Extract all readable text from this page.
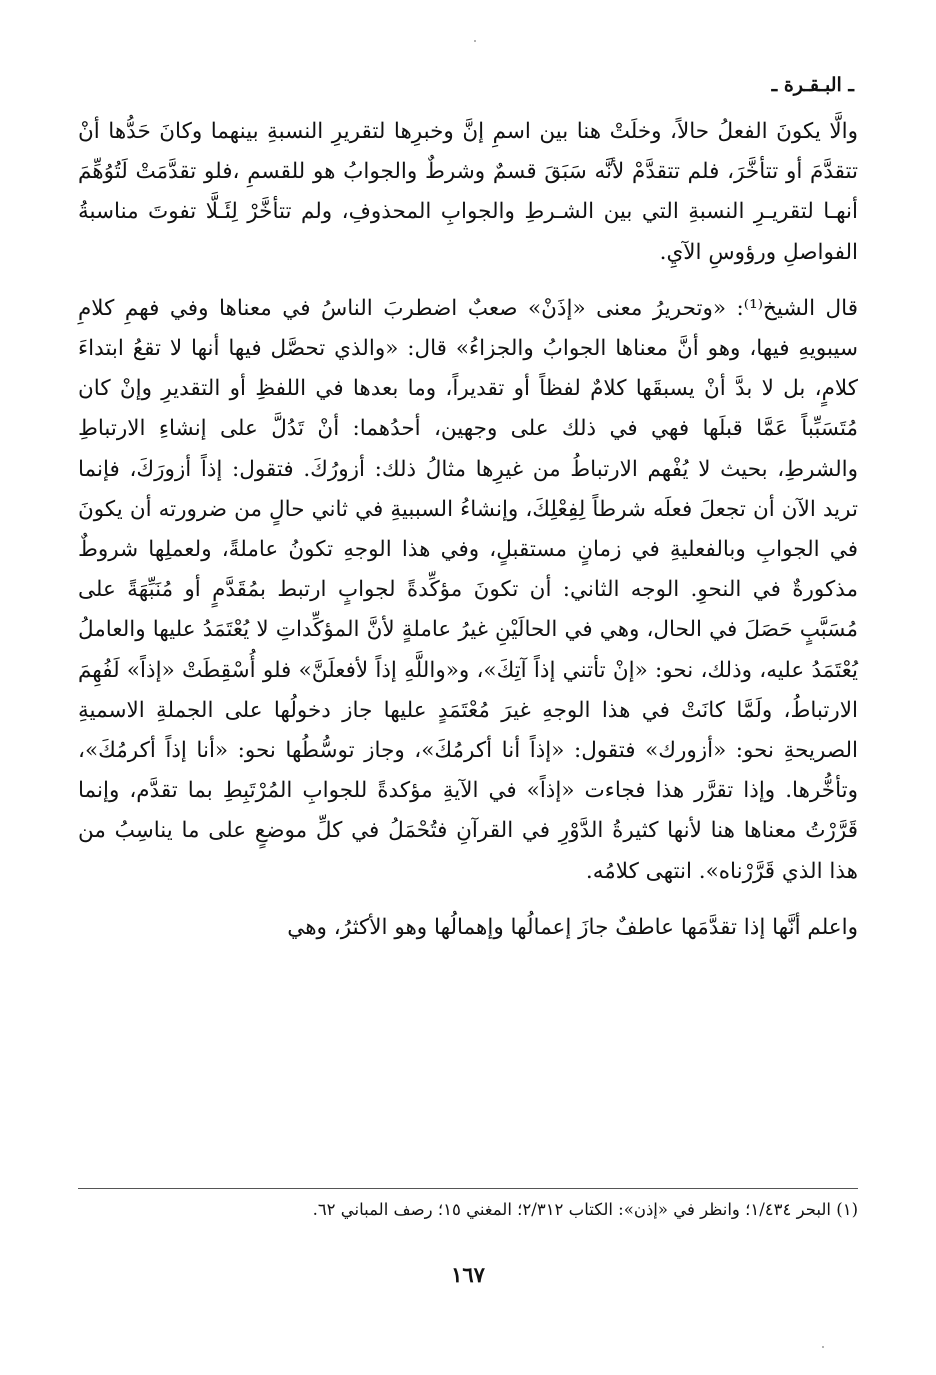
ـ البـقـرة ـ

والَّا يكونَ الفعلُ حالاً، وخلَتْ هنا بين اسمِ إنَّ وخبرِها لتقريرِ النسبةِ بينهما وكانَ حَدُّها أنْ تتقدَّمَ أو تتأخَّرَ، فلم تتقدَّمْ لأنَّه سَبَقَ قسمٌ وشرطٌ والجوابُ هو للقسمِ ،فلو تقدَّمَتْ لَتُوُهِّمَ أنهـا لتقريـرِ النسبةِ التي بين الشـرطِ والجوابِ المحذوفِ، ولم تتأخَّرْ لِئَـلَّا تفوتَ مناسبةُ الفواصلِ ورؤوسِ الآيِ.

قال الشيخ⁽¹⁾: «وتحريرُ معنى «إذَنْ» صعبٌ اضطربَ الناسُ في معناها وفي فهمِ كلامِ سيبويهِ فيها، وهو أنَّ معناها الجوابُ والجزاءُ» قال: «والذي تحصَّل فيها أنها لا تقعُ ابتداءَ كلامٍ، بل لا بدَّ أنْ يسبقَها كلامٌ لفظاً أو تقديراً، وما بعدها في اللفظِ أو التقديرِ وإنْ كان مُتَسَبِّباً عَمَّا قبلَها فهي في ذلك على وجهين، أحدُهما: أنْ تَدُلَّ على إنشاءِ الارتباطِ والشرطِ، بحيث لا يُفْهم الارتباطُ من غيرِها مثالُ ذلك: أزورُكَ. فتقول: إذاً أزورَكَ، فإنما تريد الآن أن تجعلَ فعلَه شرطاً لِفِعْلِكَ، وإنشاءُ السببيةِ في ثاني حالٍ من ضرورته أن يكونَ في الجوابِ وبالفعليةِ في زمانٍ مستقبلٍ، وفي هذا الوجهِ تكونُ عاملةً، ولعملِها شروطٌ مذكورةٌ في النحوِ. الوجه الثاني: أن تكونَ مؤكِّدةً لجوابٍ ارتبط بمُقَدَّمٍ أو مُنَبِّهَةً على مُسَبَّبٍ حَصَلَ في الحال، وهي في الحالَيْنِ غيرُ عاملةٍ لأنَّ المؤكِّداتِ لا يُعْتَمَدُ عليها والعاملُ يُعْتَمَدُ عليه، وذلك، نحو: «إنْ تأتني إذاً آتِكَ»، و«واللَّهِ إذاً لأفعلَنَّ» فلو أُسْقِطَتْ «إذاً» لَفُهِمَ الارتباطُ، ولَمَّا كانَتْ في هذا الوجهِ غيرَ مُعْتَمَدٍ عليها جاز دخولُها على الجملةِ الاسميةِ الصريحةِ نحو: «أزورك» فتقول: «إذاً أنا أكرمُكَ»، وجاز توسُّطُها نحو: «أنا إذاً أكرمُكَ»، وتأخُّرها. وإذا تقرَّر هذا فجاءت «إذاً» في الآيةِ مؤكدةً للجوابِ المُرْتَبِطِ بما تقدَّم، وإنما قَرَّرْتُ معناها هنا لأنها كثيرةُ الدَّوْرِ في القرآنِ فتُحْمَلُ في كلِّ موضعٍ على ما يناسِبُ من هذا الذي قَرَّرْناه». انتهى كلامُه.

واعلم أنَّها إذا تقدَّمَها عاطفٌ جازَ إعمالُها وإهمالُها وهو الأكثرُ، وهي

(١) البحر ١/٤٣٤؛ وانظر في «إذن»: الكتاب ٢/٣١٢؛ المغني ١٥؛ رصف المباني ٦٢.
١٦٧
